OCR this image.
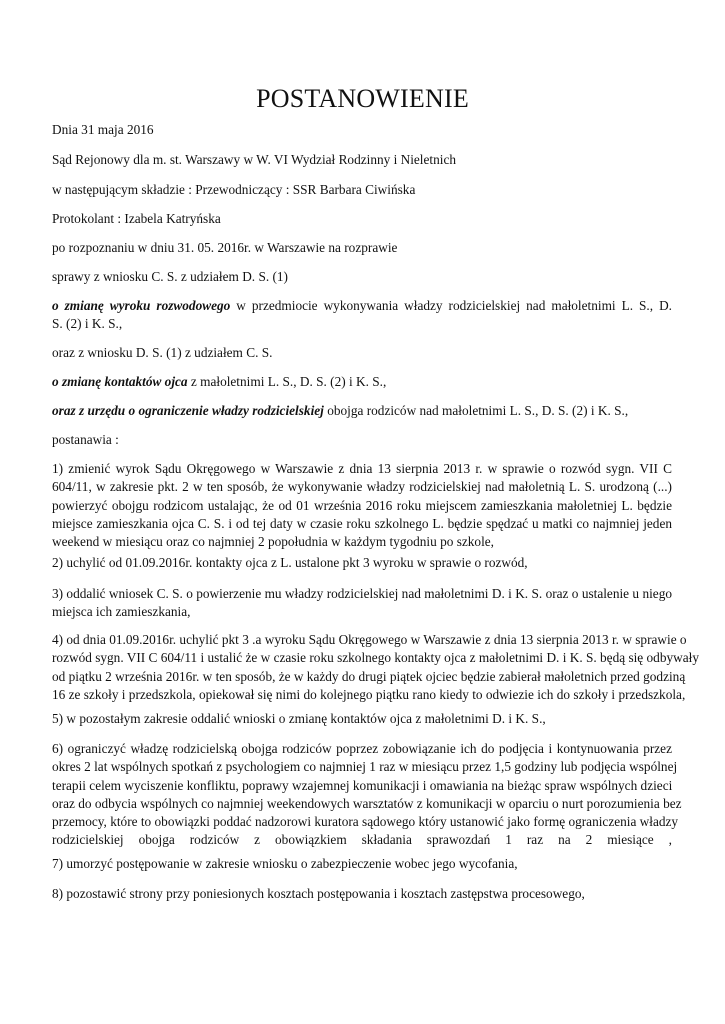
POSTANOWIENIE
Dnia 31 maja 2016
Sąd Rejonowy dla m. st. Warszawy w W. VI Wydział Rodzinny i Nieletnich
w następującym składzie : Przewodniczący : SSR Barbara Ciwińska
Protokolant : Izabela Katryńska
po rozpoznaniu w dniu 31. 05. 2016r. w Warszawie na rozprawie
sprawy z wniosku C. S. z udziałem D. S. (1)
o zmianę wyroku rozwodowego w przedmiocie wykonywania władzy rodzicielskiej nad małoletnimi L. S., D.
S. (2) i K. S.,
oraz z wniosku D. S. (1) z udziałem C. S.
o zmianę kontaktów ojca z małoletnimi L. S., D. S. (2) i K. S.,
oraz z urzędu o ograniczenie władzy rodzicielskiej obojga rodziców nad małoletnimi L. S., D. S. (2) i K. S.,
postanawia :
1) zmienić wyrok Sądu Okręgowego w Warszawie z dnia 13 sierpnia 2013 r. w sprawie o rozwód sygn. VII C
604/11, w zakresie pkt. 2 w ten sposób, że wykonywanie władzy rodzicielskiej nad małoletnią L. S. urodzoną (...)
powierzyć obojgu rodzicom ustalając, że od 01 września 2016 roku miejscem zamieszkania małoletniej L. będzie
miejsce zamieszkania ojca C. S. i od tej daty w czasie roku szkolnego L. będzie spędzać u matki co najmniej jeden
weekend w miesiącu oraz co najmniej 2 popołudnia w każdym tygodniu po szkole,
2) uchylić od 01.09.2016r. kontakty ojca z L. ustalone pkt 3 wyroku w sprawie o rozwód,
3) oddalić wniosek C. S. o powierzenie mu władzy rodzicielskiej nad małoletnimi D. i K. S. oraz o ustalenie u niego
miejsca ich zamieszkania,
4) od dnia 01.09.2016r. uchylić pkt 3 .a wyroku Sądu Okręgowego w Warszawie z dnia 13 sierpnia 2013 r. w sprawie o
rozwód sygn. VII C 604/11 i ustalić że w czasie roku szkolnego kontakty ojca z małoletnimi D. i K. S. będą się odbywały
od piątku 2 września 2016r. w ten sposób, że w każdy do drugi piątek ojciec będzie zabierał małoletnich przed godziną
16 ze szkoły i przedszkola, opiekował się nimi do kolejnego piątku rano kiedy to odwiezie ich do szkoły i przedszkola,
5) w pozostałym zakresie oddalić wnioski o zmianę kontaktów ojca z małoletnimi D. i K. S.,
6) ograniczyć władzę rodzicielską obojga rodziców poprzez zobowiązanie ich do podjęcia i kontynuowania przez
okres 2 lat wspólnych spotkań z psychologiem co najmniej 1 raz w miesiącu przez 1,5 godziny lub podjęcia wspólnej
terapii celem wyciszenie konfliktu, poprawy wzajemnej komunikacji i omawiania na bieżąc spraw wspólnych dzieci
oraz do odbycia wspólnych co najmniej weekendowych warsztatów z komunikacji w oparciu o nurt porozumienia bez
przemocy, które to obowiązki poddać nadzorowi kuratora sądowego który ustanowić jako formę ograniczenia władzy
rodzicielskiej obojga rodziców z obowiązkiem składania sprawozdań 1 raz na 2 miesiące ,
7) umorzyć postępowanie w zakresie wniosku o zabezpieczenie wobec jego wycofania,
8) pozostawić strony przy poniesionych kosztach postępowania i kosztach zastępstwa procesowego,
